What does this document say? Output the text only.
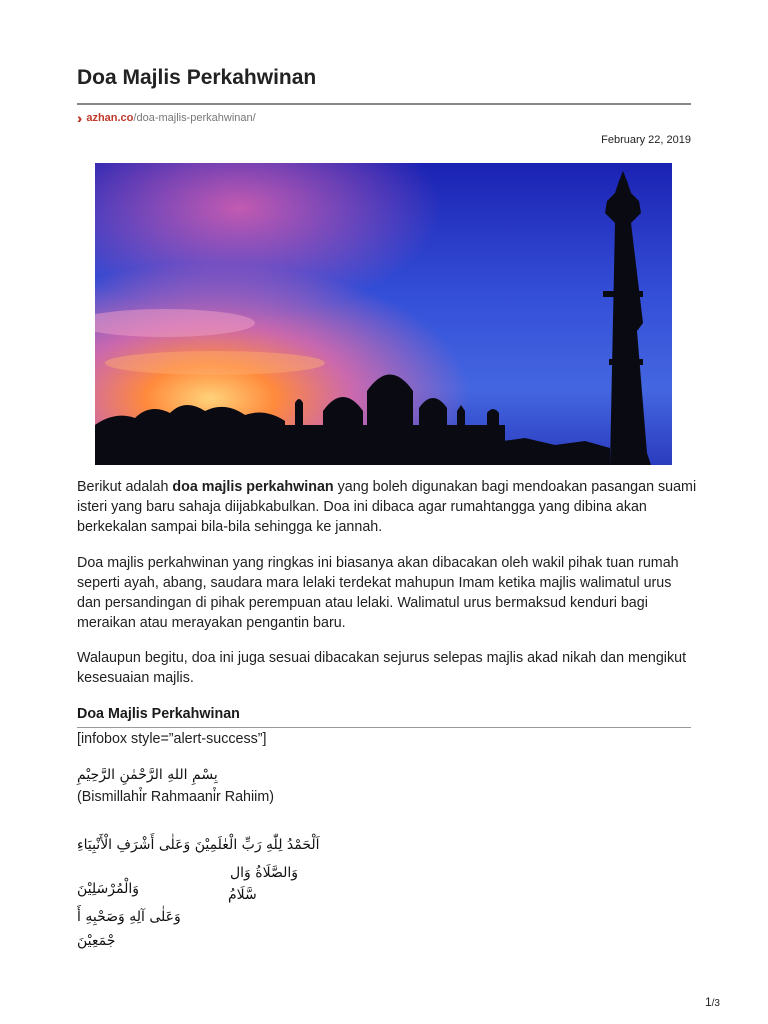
Doa Majlis Perkahwinan
›› azhan.co /doa-majlis-perkahwinan/
February 22, 2019

Berikut adalah doa majlis perkahwinan yang boleh digunakan bagi mendoakan pasangan suami isteri yang baru sahaja diijabkabulkan. Doa ini dibaca agar rumahtangga yang dibina akan berkekalan sampai bila-bila sehingga ke jannah.

Doa majlis perkahwinan yang ringkas ini biasanya akan dibacakan oleh wakil pihak tuan rumah seperti ayah, abang, saudara mara lelaki terdekat mahupun Imam ketika majlis walimatul urus dan persandingan di pihak perempuan atau lelaki. Walimatul urus bermaksud kenduri bagi meraikan atau merayakan pengantin baru.

Walaupun begitu, doa ini juga sesuai dibacakan sejurus selepas majlis akad nikah dan mengikut kesesuaian majlis.

Doa Majlis Perkahwinan

[infobox style=”alert-success”]

بِسْمِ اللهِ الرَّحْمٰنِ الرَّحِيْمِ

(Bismillahi̊r Rahmaani̊r Rahiim)

اَلْحَمْدُ لِلّٰهِ رَبِّ الْعٰلَمِيْنَ وَعَلٰى أَشْرَفِ الْأَنْبِيَاءِ
وَالْمُرْسَلِيْنَ
وَالصَّلَاةُ وَال
سَّلَامُ
وَعَلٰى آلِهِ وَصَحْبِهِ أَ
جْمَعِيْنَ
1/3
